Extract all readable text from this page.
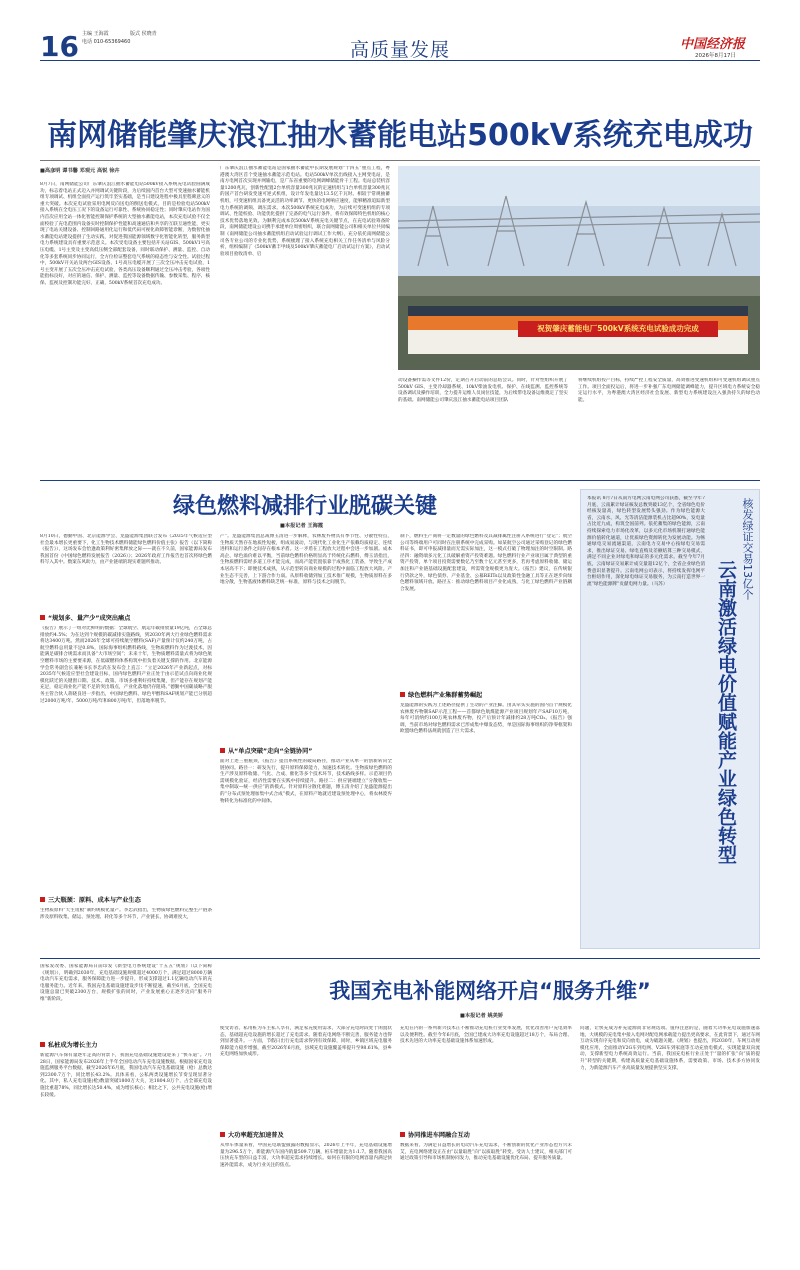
16 主编 王海霞
电话 010-65369460
版式 侯晓青
高质量发展	中国经济报
2026年8月17日
南网储能肇庆浪江抽水蓄能电站500kV系统充电成功
■高彦明 谭书馨 邓观元 高锐 徐卉
8月7日，南网储能公司广东肇庆浪江抽水蓄能电站500kV接入系统充电试验圆满成功，标志着电站正式迈入并网调试关键阶段，为后续国内首台大型可变速抽水蓄能机组专项调试、机组全面投产运行筑牢坚实基础，是当日建设进程中极具里程碑意义的重大突破。本次充电试验采用电网反向送电的倒送电模式，目的是检验电站500kV接入系统在全电压工况下的设备运行可靠性、系统协同稳定性；同时肇庆电站作为国内首次应用全站一体化智能控制保护系统的大型抽水蓄能电站，本次充电试验不仅全面校验了充电范围内设备实时控制保护性能和高速通信和共享的互联互通性能，更实现了电站关键设备、控制回路通用化运行和低代码可视化故障智能诊断，为数智化抽水蓄能电站建设提供了生动实践，对促进我国能源领域数字化智能化转型，服务新型电力系统建设具有重要示范意义。本次受电设备主要包括开关站GIS、500kV1号高压电缆、1号主变及主变高低压侧全部配套设备，同时联动保护、测量、监控、自动化等多套系统同步协同运行，全方位检证整套电气系统的稳态性与安全性。试验过程中，500kV开关站及两台GIS设备、1号高压电缆开展了三次全压冲击充电试验，1号主变开展了五次全压冲击充电试验，各类高压设备顺利通过全压冲击考验，各项性能指标良好，对应的通信、保护、测量、监控等设备数据传输、参数采集、程序、核保、监视及控制功能完好、正确，500kV系统首次充电成功。
广东肇庆浪江抽水蓄能电站是国家抽水蓄能中长期发展规划“十四五”重点工程，粤港澳大湾区首个变速抽水蓄能示范电站。电站500kV单次出线接入主网变电站，是南方电网首次实现并网输电，是广东省重要的电网调峰储能骨干工程。电站总装机容量1200兆瓦，创新性配置2台单机容量300兆瓦的定速机组与1台单机容量300兆瓦的国产首台研发变速可逆式机组，设计年发电量达13.5亿千瓦时。相较于常规抽蓄机组，可变速机组具备更灵活的功率调节、更快的电网响应速度，能够精准追踪新型电力系统的调频、调压需求。本次500kV系统充电成功，为后续可变速机组的专项调试、性能校验、功能优化提供了完备的电气运行条件，将有效保障特色机组的核心技术优势落地见效。为顺利完成本次500kV系统充电关键节点，在充电试验筹备阶段，南网储能建设公司携手承建单位周密组织，联合南网储能公司和相关单位共同编制《南网储能公司抽水蓄能机组启动试验运行调试工作大纲》，充分依托南网储能公司各专业公司的专业化优势，系统梳理了接入系统充电相关工作任务清单与风险分析，组织编制了《500kV蓄丰甲线及500kV肇庆蓄能电厂启动试运行方案》，启动试验项目验收清单、启
祝贺肇庆蓄能电厂500kV系统充电试验成功完成
动设备操作需等文件12份，定期召开启动前的总结会议。同时，针对性组织开展了500kV GIS、主变冷却器系统、10kV柴油发电机、保护、在线监测、监控系统等设备调试及操作培训，全力提升运维人员岗位技能，为后续带电设备运维奠定了坚实的基础。南网储能公司肇庆浪江抽水蓄能电站项目团队
将继续机组投产目标，持续严控工程安全质量，高效推进变速机组和可变速机组调试重点工作。项目全面投运后，将进一步补强广东电网储能调峰能力，提升区域电力系统安全稳定运行水平，为粤港澳大湾区经济社会发展、新型电力系统建设注入强劲持久的绿色动能。
绿色燃料减排行业脱碳关键
■本报记者 王海霞
8月10日，德勤中国、北京能源学会、龙盛能源集团联合发布《2035年气候适应型社会最本增长更重要下，化工生物技术燃料储能绿色燃料价值主张》报告（以下简称《报告》），这场发布会恰逢政策利好密集释放之际——就在不久前，国家能源局发布我国首份《中国绿色燃料发展报告（2026）》；2026年政府工作报告也首次将绿色燃料写入其中。数案东风助力，由产业链端的现实难题所推动。
“规划多、量产少”成突出痛点
《报告》展示了一组对比鲜明的数据：全球航空、航运年碳排放量19亿吨，占全球总排放约4.5%；为在达到个规模的碳减排实施路线，到2030年两大行业绿色燃料需求将达3400万吨。然而2026年全球可持续航空燃料(SAF)产量预计仅约240万吨，占航空燃料总用量不足0.8%，国际海事组织燃料路线，生物质燃料作为过渡技术，因能满足碳排合规需求而具备“大市场空间”；未来十年，生物质燃料需量式将为绿色航空燃料市场的主要要来源，在低碳燃料体系构筑中担负着关键支撑的作用。北京能源学会常务副会长兼秘书长李忠武在发布会上直言：“立足2026年产业新起点，对标2035年气候适应型社会建设目标，国内绿色燃料产业正处于由示范试点向商业化规模化跃迁的关键窗口期。技术、政策、市场多重利好持续集聚，但产能存在规划产能充足，稳定商业化产能不足的突出瑕点，产业化落地仍存阻碍。”德勤中国碳战略产服务主管合伙人蒋晓良进一步指出，中国绿色燃料、绿色甲醇和SAF规划产能已分别超过2000万吨/年、5000万吨/年和800万吨/年，但落地率脱节。
三大瓶颈：原料、成本与产业生态
生物质原料“天生短板”制约规模化量产。李忠武指出，生物质绿色燃料完整生产链条涉及原料收集、储运、预处理、转化等多个环节，产业链长、协调难度大，
产”。龙盛能源集团总裁傅玉清进一步解释，农林废弃物具有季节性、分散性特点，生物质天然存在地质性短板，组成易波动，与现代化工业化生产依赖均质稳定、连续进料和运行条件之间存在根本矛盾。这一矛盾在工程放大过程中会进一步加剧。成本高企、绿色溢价难以平衡，当前绿色燃料价格明显高于传统化石燃料，傅玉清指出，生物质燃料需经多道工序才能完成，而高产能装置依靠于成熟化工装备，导致生产成本居高不下；即便技术成熟，从示范型转向商业规模的过程中面临工程放大风险。产业生态不完善，上下游合作力弱。从原料收储到加工技术推广规模，生物质原料在多地分散，生物基液体燃料缺乏统一标准，原料与技术之间脱节。
从“单点突破”走向“全链协同”
面对上述三重瓶颈，《报告》提出系统性的破局路径，推动产业从单一的创新转向全链协同。路径一：研发先行，提升原料保障能力，加速技术转化。生物质绿色燃料的生产涉及原料收储、气化、合成、催化等多个技术环节，技术路线多样。示范项目仍需规模化验证，经济性需要在实践中持续提升。路径二：供应链端建立“分散收集—集中制取—统一供应”的新模式。针对原料分散化难题，傅玉清介绍了龙盛能源提出的“分布式预处理加集中式合成”模式，在原料产地就近建设预处理中心，将农林废弃物转化为标准化的中间体。
制下，燃料生产商将一定数量的绿色燃料及其减排属性注册入系统进行“登记”；航空公司等终端用户可同时在注册系统中完成采购。如某航空公司通过采购登记的绿色燃料证书，即可申报减排量而无需实际加注，这一模式打破了物理加注的时空限制。路径四：融资端多元化工具破解重资产投资难题。绿色燃料行业产业项目属于典型的重资产投资，单个项目投资需要数亿乃至数十亿元甚至更多，若再考虑原料收储、储运加注和产业链基础设施配套建设，所需资金规模更为庞大。《报告》建议，在传统银行贷款之外，绿色债券、产业基金、公募REITs以及政策性金融工具等正在逐步向绿色燃料领域开放。路径五：推动绿色燃料项目产业化成熟，与化工绿色燃料产业链耦合发展。
绿色燃料产业集群蓄势崛起
龙盛能源的实践为上述路径提供了生动的产业注脚。由其牵头实施的国内首个规模化农林废弃物制SAF示范工程——首都绿色航煤能源产业项目规划年产SAF10万吨，每年可消纳约100万吨农林废弃物，投产后预计年减排约28万吨CO₂。《报告》强调，当前市场对绿色燃料需求已形成集中爆发态势，单是国际海事组织的净零框架和欧盟绿色燃料法规就创造了巨大需求。
核发绿证交易13亿个
云南激活绿电价值赋能产业绿色转型
本报讯 8月7日从南方电网云南电网公司获悉，截至今年7月底，云南累计绿证核发总数突破13亿个，全省绿色电价经核发量高，绿色转型发展势头强劲。作为绿色能源大省，云南水、风、光等清洁能源装机占比超90%，发电量占比近九成，构筑全国前列。依托蓄集的绿色能源，云南持续探索电力市场化改革，以多元化市场机制打通绿色能源价值转化通道，让优质绿色资源转化为发展动能。为畅通绿电交易流通渠道，云南电力交易中心按绿电交易需求，推出绿证交易、绿电直购及差额结算三种交易模式，满足不同企业对绿电和绿证的多元化需求。截至今年7月底，云南绿证交易累计成交量超12亿个，全省企业绿色消费意识显著提升。云南电网公司表示，将持续发挥电网平台枢纽作用，深化绿电绿证交易服务，为云南打造世界一流“绿色能源牌”贡献电网力量。（马苏）
国家发改委、国家能源局日前印发《新型电力系统建设“十五五”规划》（以下简称《规划》），明确到2030年，充电基础设施规模超过4000万个，满足超过8000万辆电动汽车充电需求，服务保障能力进一步提升，形成支撑超过1.1亿辆电动汽车的充电服务能力。近年来，我国充电基础设施建设步伐不断提速，截至6月底，全国充电设施总量已突破2300万台，规模扩张的同时，产业发展重心正逐步迈向“服务升维”新阶段。	我国充电补能网络开启“服务升维”
■本报记者 姚美娇
私桩成为增长主力
新能源汽车保有量逐年走高的背景下，我国充电基础设施建设迎来了“快车道”。7月28日，国家能源局发布2026年上半年全国电动汽车充电设施数据。根据国家充电设施监测服务平台数据，截至2026年6月底，我国电动汽车充电基础设施（枪）总数达到2300.7万个，同比增长43.2%。具体来看，公私两类设施增长节奏呈现显著分化。其中，私人充电设施(枪)数量突破1800万大关，达1804.8万个，占全部充电设施比重超78%，同比增长达50.4%，成为增长核心；相比之下，公共充电设施(枪)增长较缓。
使受访者。私用桩为车主私人享有，满足家充使用需求，大部分充电时段处于闲置状态，基础超充电设施的增长超过了充电需求。随着充电网络不断完善，服务能力也得到显著提升。一方面，节假日出行充电需求得到有效保障，同时，乡镇区域充电服务保障能力稳步增强，截至2026年6月底，县域充电设施覆盖率提升至98.61%，县乡充电网络加快成形。
大功率超充加速普及
从单车体量来看，中国充电联盟披露的数据显示，2026年上半年，充电基础设施增量为296.5万个，新能源汽车国内销量509.7万辆，桩车增量比为1:1.7。随着我国高压快充车型的日益丰富，大功率超充需求持续增长。如何在有限的电网容量内满足快速补能需求，成为行业关注的焦点。
充电在内的一系列新兴技术正不断推动充电桩行业变革发展，优化改善用户充电效率以及便利性。截至今年6月底，全国已建成大功率充电设施超过18万个，布局合理、技术先进的大功率充电基础设施体系加速形成。
协同推进车网融合互动
数据来看，为满足日益增长的电动汽车充电需求，不断创新的优化产业形态也方兴未艾，充电网络建设正在由“以量取胜”向“以质取胜”转变。受访人士建议，相关部门可通过政策引导和市场机制协同发力，推动充电基础设施优化布局、提升服务质量。
问题，让快充成为补充能源而非常规选项。值得注意的是，随着大功率充电设施加速落地，大规模的充电集中接入电网对配电网承载能力提出更高要求，在此背景下，通过车网互动实现有序充电和反向放电，成为破题关键。《规划》也提出，到2030年，车网互动规模化应用，全面推动V2G车到电网、V2H车到家庭等互动充放电模式，实现能量双向流动，支撑新型电力系统高效运行。当前，我国充电桩行业正处于“量的扩张”向“质的提升”转型的关键期，构建高质量充电基础设施体系，需要政策、市场、技术多方协同发力，为新能源汽车产业高质量发展提供坚实支撑。
